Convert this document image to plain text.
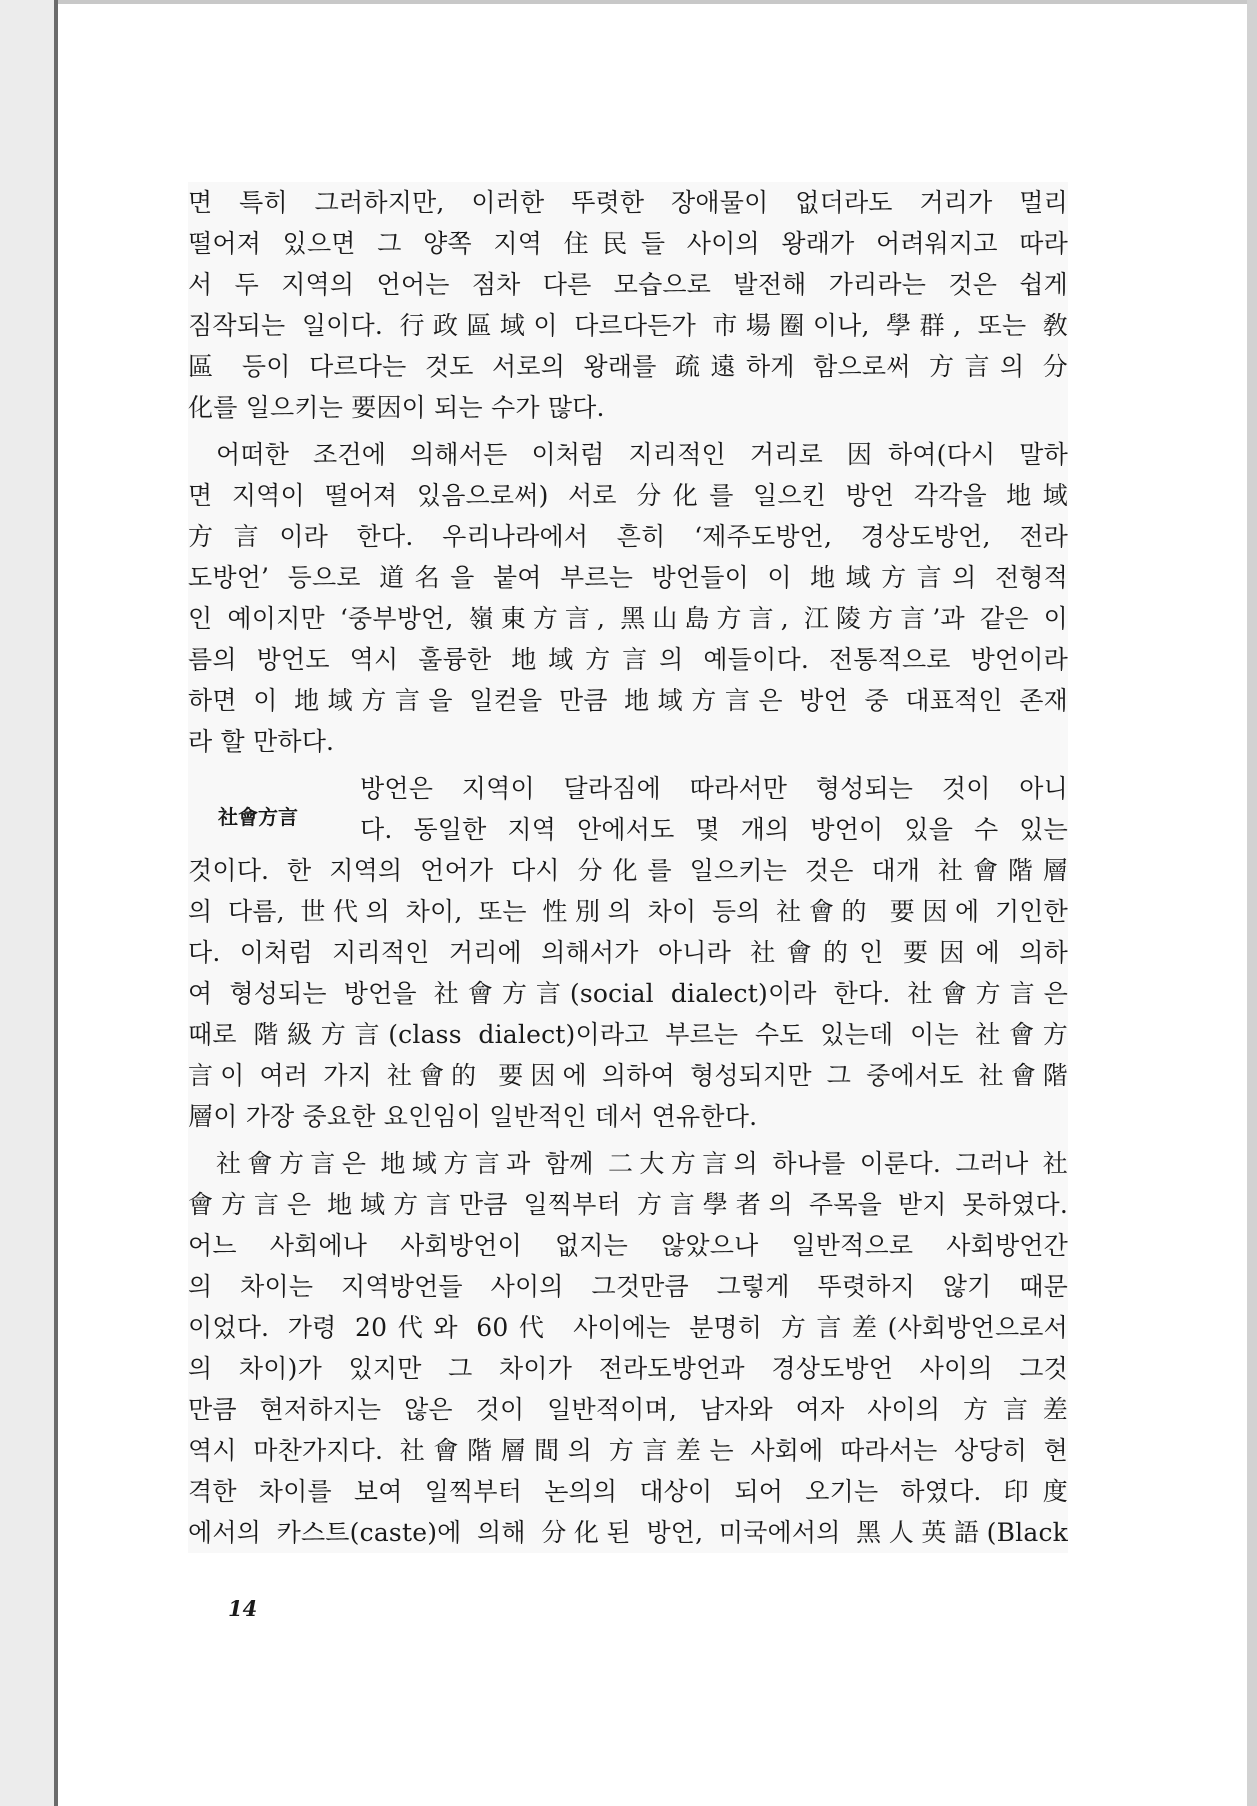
면 특히 그러하지만, 이러한 뚜렷한 장애물이 없더라도 거리가 멀리
떨어져 있으면 그 양쪽 지역 住民들 사이의 왕래가 어려워지고 따라
서 두 지역의 언어는 점차 다른 모습으로 발전해 가리라는 것은 쉽게
짐작되는 일이다. 行政區域이 다르다든가 市場圈이나, 學群, 또는 敎
區 등이 다르다는 것도 서로의 왕래를 疏遠하게 함으로써 方言의 分
化를 일으키는 要因이 되는 수가 많다.
어떠한 조건에 의해서든 이처럼 지리적인 거리로 因하여(다시 말하
면 지역이 떨어져 있음으로써) 서로 分化를 일으킨 방언 각각을 地域
方言이라 한다. 우리나라에서 흔히 ‘제주도방언, 경상도방언, 전라
도방언’ 등으로 道名을 붙여 부르는 방언들이 이 地域方言의 전형적
인 예이지만 ‘중부방언, 嶺東方言, 黑山島方言, 江陵方言’과 같은 이
름의 방언도 역시 훌륭한 地域方言의 예들이다. 전통적으로 방언이라
하면 이 地域方言을 일컫을 만큼 地域方言은 방언 중 대표적인 존재
라 할 만하다.
방언은 지역이 달라짐에 따라서만 형성되는 것이 아니
다. 동일한 지역 안에서도 몇 개의 방언이 있을 수 있는
것이다. 한 지역의 언어가 다시 分化를 일으키는 것은 대개 社會階層
의 다름, 世代의 차이, 또는 性別의 차이 등의 社會的 要因에 기인한
다. 이처럼 지리적인 거리에 의해서가 아니라 社會的인 要因에 의하
여 형성되는 방언을 社會方言(social dialect)이라 한다. 社會方言은
때로 階級方言(class dialect)이라고 부르는 수도 있는데 이는 社會方
言이 여러 가지 社會的 要因에 의하여 형성되지만 그 중에서도 社會階
層이 가장 중요한 요인임이 일반적인 데서 연유한다.
社會方言은 地域方言과 함께 二大方言의 하나를 이룬다. 그러나 社
會方言은 地域方言만큼 일찍부터 方言學者의 주목을 받지 못하였다.
어느 사회에나 사회방언이 없지는 않았으나 일반적으로 사회방언간
의 차이는 지역방언들 사이의 그것만큼 그렇게 뚜렷하지 않기 때문
이었다. 가령 20代와 60代 사이에는 분명히 方言差(사회방언으로서
의 차이)가 있지만 그 차이가 전라도방언과 경상도방언 사이의 그것
만큼 현저하지는 않은 것이 일반적이며, 남자와 여자 사이의 方言差
역시 마찬가지다. 社會階層間의 方言差는 사회에 따라서는 상당히 현
격한 차이를 보여 일찍부터 논의의 대상이 되어 오기는 하였다. 印度
에서의 카스트(caste)에 의해 分化된 방언, 미국에서의 黑人英語(Black
社會方言
14
